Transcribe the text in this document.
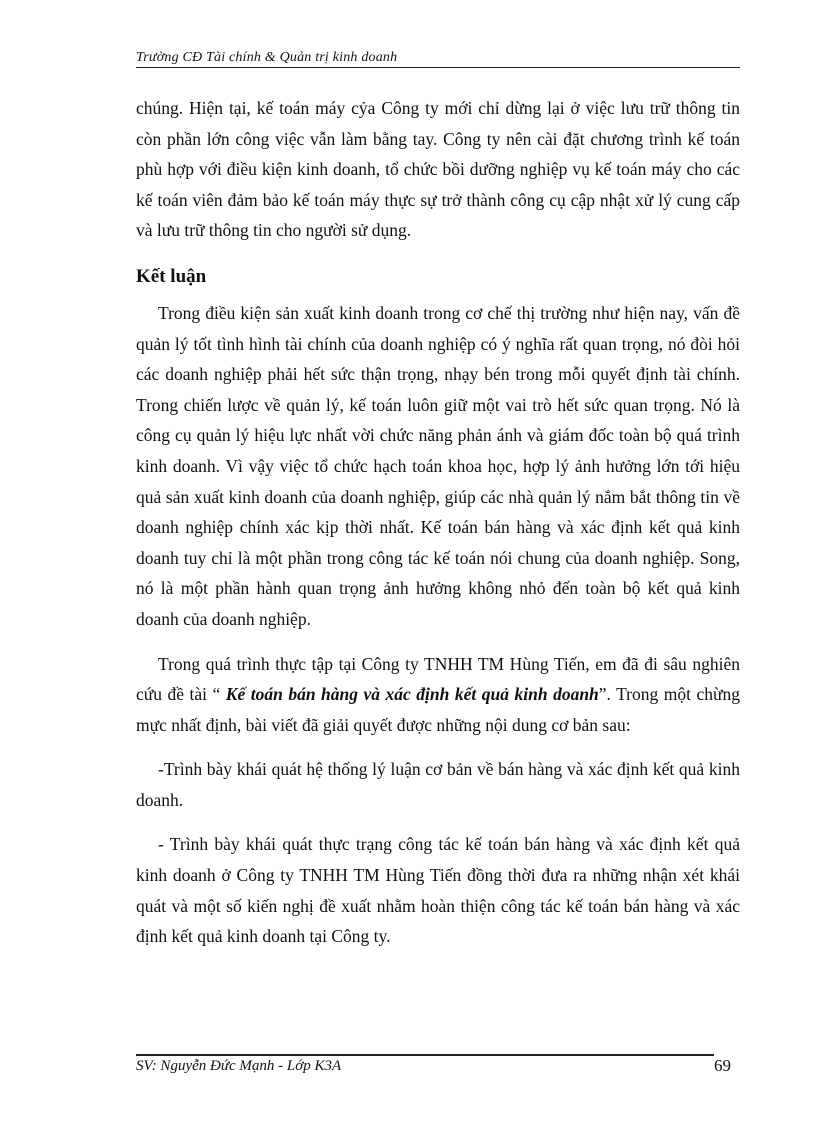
Trường CĐ Tài chính & Quản trị kinh doanh

chúng. Hiện tại, kế toán máy cỷa Công ty mới chỉ dừng lại ở việc lưu trữ thông tin còn phần lớn công việc vẫn làm bằng tay. Công ty nên cài đặt chương trình kế toán phù hợp với điều kiện kinh doanh, tổ chức bồi dưỡng nghiệp vụ kế toán máy cho các kế toán viên đảm bảo kế toán máy thực sự trở thành công cụ cập nhật xử lý cung cấp và lưu trữ thông tin cho người sử dụng.

Kết luận

Trong điều kiện sản xuất kinh doanh trong cơ chế thị trường như hiện nay, vấn đề quản lý tốt tình hình tài chính của doanh nghiệp có ý nghĩa rất quan trọng, nó đòi hỏi các doanh nghiệp phải hết sức thận trọng, nhạy bén trong mỗi quyết định tài chính. Trong chiến lược về quản lý, kế toán luôn giữ một vai trò hết sức quan trọng. Nó là công cụ quản lý hiệu lực nhất vời chức năng phản ánh và giám đốc toàn bộ quá trình kinh doanh. Vì vậy việc tổ chức hạch toán khoa học, hợp lý ảnh hưởng lớn tới hiệu quả sản xuất kinh doanh của doanh nghiệp, giúp các nhà quản lý nắm bắt thông tin về doanh nghiệp chính xác kịp thời nhất. Kế toán bán hàng và xác định kết quả kinh doanh tuy chỉ là một phần trong công tác kế toán nói chung của doanh nghiệp. Song, nó là một phần hành quan trọng ảnh hưởng không nhỏ đến toàn bộ kết quả kinh doanh của doanh nghiệp.

Trong quá trình thực tập tại Công ty TNHH TM Hùng Tiến, em đã đi sâu nghiên cứu đề tài “ Kế toán bán hàng và xác định kết quả kinh doanh”. Trong một chừng mực nhất định, bài viết đã giải quyết được những nội dung cơ bản sau:

-Trình bày khái quát hệ thống lý luận cơ bản về bán hàng và xác định kết quả kinh doanh.

- Trình bày khái quát thực trạng công tác kế toán bán hàng và xác định kết quả kinh doanh ở Công ty TNHH TM Hùng Tiến đồng thời đưa ra những nhận xét khái quát và một số kiến nghị đề xuất nhằm hoàn thiện công tác kế toán bán hàng và xác định kết quả kinh doanh tại Công ty.

SV: Nguyễn Đức Mạnh - Lớp K3A	69
